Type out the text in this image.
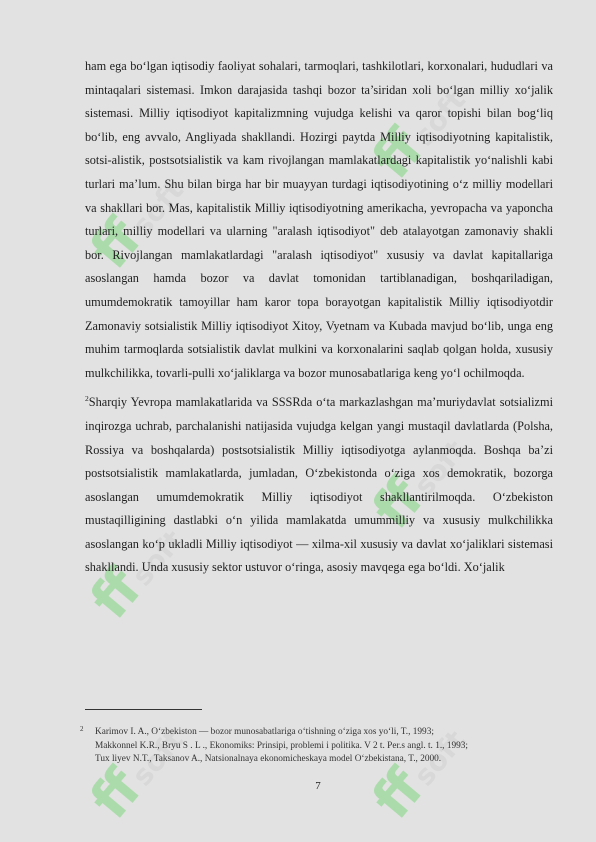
ffsoft
ffsoft
ffsoft
ffsoft
ffsoft
ffsoft

ham ega bo‘lgan iqtisodiy faoliyat sohalari, tarmoqlari, tashkilotlari, korxonalari, hududlari va mintaqalari sistemasi. Imkon darajasida tashqi bozor ta’siridan xoli bo‘lgan milliy xo‘jalik sistemasi. Milliy iqtisodiyot kapitalizmning vujudga kelishi va qaror topishi bilan bog‘liq bo‘lib, eng avvalo, Angliyada shakllandi. Hozirgi paytda Milliy iqtisodiyotning kapitalistik, sotsi-alistik, postsotsialistik va kam rivojlangan mamlakatlardagi kapitalistik yo‘nalishli kabi turlari ma’lum. Shu bilan birga har bir muayyan turdagi iqtisodiyotining o‘z milliy modellari va shakllari bor. Mas, kapitalistik Milliy iqtisodiyotning amerikacha, yevropacha va yaponcha turlari, milliy modellari va ularning "aralash iqtisodiyot" deb atalayotgan zamonaviy shakli bor. Rivojlangan mamlakatlardagi "aralash iqtisodiyot" xususiy va davlat kapitallariga asoslangan hamda bozor va davlat tomonidan tartiblanadigan, boshqariladigan, umumdemokratik tamoyillar ham karor topa borayotgan kapitalistik Milliy iqtisodiyotdir Zamonaviy sotsialistik Milliy iqtisodiyot Xitoy, Vyetnam va Kubada mavjud bo‘lib, unga eng muhim tarmoqlarda sotsialistik davlat mulkini va korxonalarini saqlab qolgan holda, xususiy mulkchilikka, tovarli-pulli xo‘jaliklarga va bozor munosabatlariga keng yo‘l ochilmoqda.

$^2$Sharqiy Yevropa mamlakatlarida va SSSRda o‘ta markazlashgan ma’muriydavlat sotsializmi inqirozga uchrab, parchalanishi natijasida vujudga kelgan yangi mustaqil davlatlarda (Polsha, Rossiya va boshqalarda) postsotsialistik Milliy iqtisodiyotga aylanmoqda. Boshqa ba’zi postsotsialistik mamlakatlarda, jumladan, O‘zbekistonda o‘ziga xos demokratik, bozorga asoslangan umumdemokratik Milliy iqtisodiyot shakllantirilmoqda. O‘zbekiston mustaqilligining dastlabki o‘n yilida mamlakatda umummilliy va xususiy mulkchilikka asoslangan ko‘p ukladli Milliy iqtisodiyot — xilma-xil xususiy va davlat xo‘jaliklari sistemasi shakllandi. Unda xususiy sektor ustuvor o‘ringa, asosiy mavqega ega bo‘ldi. Xo‘jalik

2 Karimov I. A., O‘zbekiston — bozor munosabatlariga o‘tishning o‘ziga xos yo‘li, T., 1993;
Makkonnel K.R., Bryu S . L ., Ekonomiks: Prinsipi, problemi i politika. V 2 t. Per.s angl. t. 1., 1993;
Tux liyev N.T., Taksanov A., Natsionalnaya ekonomicheskaya model O‘zbekistana, T., 2000.
7
